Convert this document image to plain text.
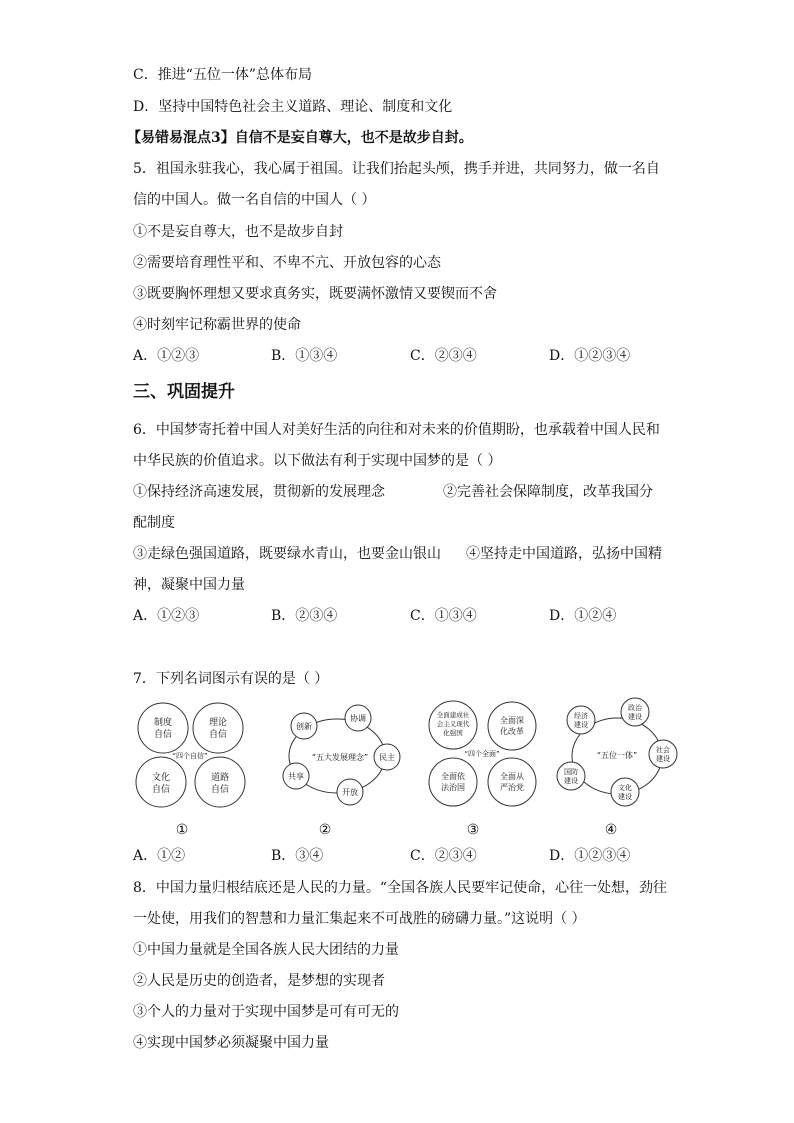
C．推进“五位一体”总体布局
D．坚持中国特色社会主义道路、理论、制度和文化
【易错易混点3】自信不是妄自尊大，也不是故步自封。
5．祖国永驻我心，我心属于祖国。让我们抬起头颅，携手并进，共同努力，做一名自
信的中国人。做一名自信的中国人（ ）
①不是妄自尊大，也不是故步自封
②需要培育理性平和、不卑不亢、开放包容的心态
③既要胸怀理想又要求真务实，既要满怀激情又要锲而不舍
④时刻牢记称霸世界的使命
A．①②③	B．①③④	C．②③④	D．①②③④
三、巩固提升
6．中国梦寄托着中国人对美好生活的向往和对未来的价值期盼，也承载着中国人民和
中华民族的价值追求。以下做法有利于实现中国梦的是（ ）
①保持经济高速发展，贯彻新的发展理念	②完善社会保障制度，改革我国分
配制度
③走绿色强国道路，既要绿水青山，也要金山银山 ④坚持走中国道路，弘扬中国精
神，凝聚中国力量
A．①②③	B．②③④	C．①③④	D．①②④
7．下列名词图示有误的是（ ）
制度
自信
理论
自信
文化
自信
道路
自信
“四个自信”
创新
协调
民主
开放
共享
“五大发展理念”
全面建成社
会主义现代
化强国
全面深
化改革
全面依
法治国
全面从
严治党
“四个全面”
政治
建设
社会
建设
文化
建设
国防
建设
经济
建设
“五位一体”
①	②	③	④
A．①②	B．③④	C．②③④	D．①②③④
8．中国力量归根结底还是人民的力量。“全国各族人民要牢记使命，心往一处想，劲往
一处使，用我们的智慧和力量汇集起来不可战胜的磅礴力量。”这说明（ ）
①中国力量就是全国各族人民大团结的力量
②人民是历史的创造者，是梦想的实现者
③个人的力量对于实现中国梦是可有可无的
④实现中国梦必须凝聚中国力量
